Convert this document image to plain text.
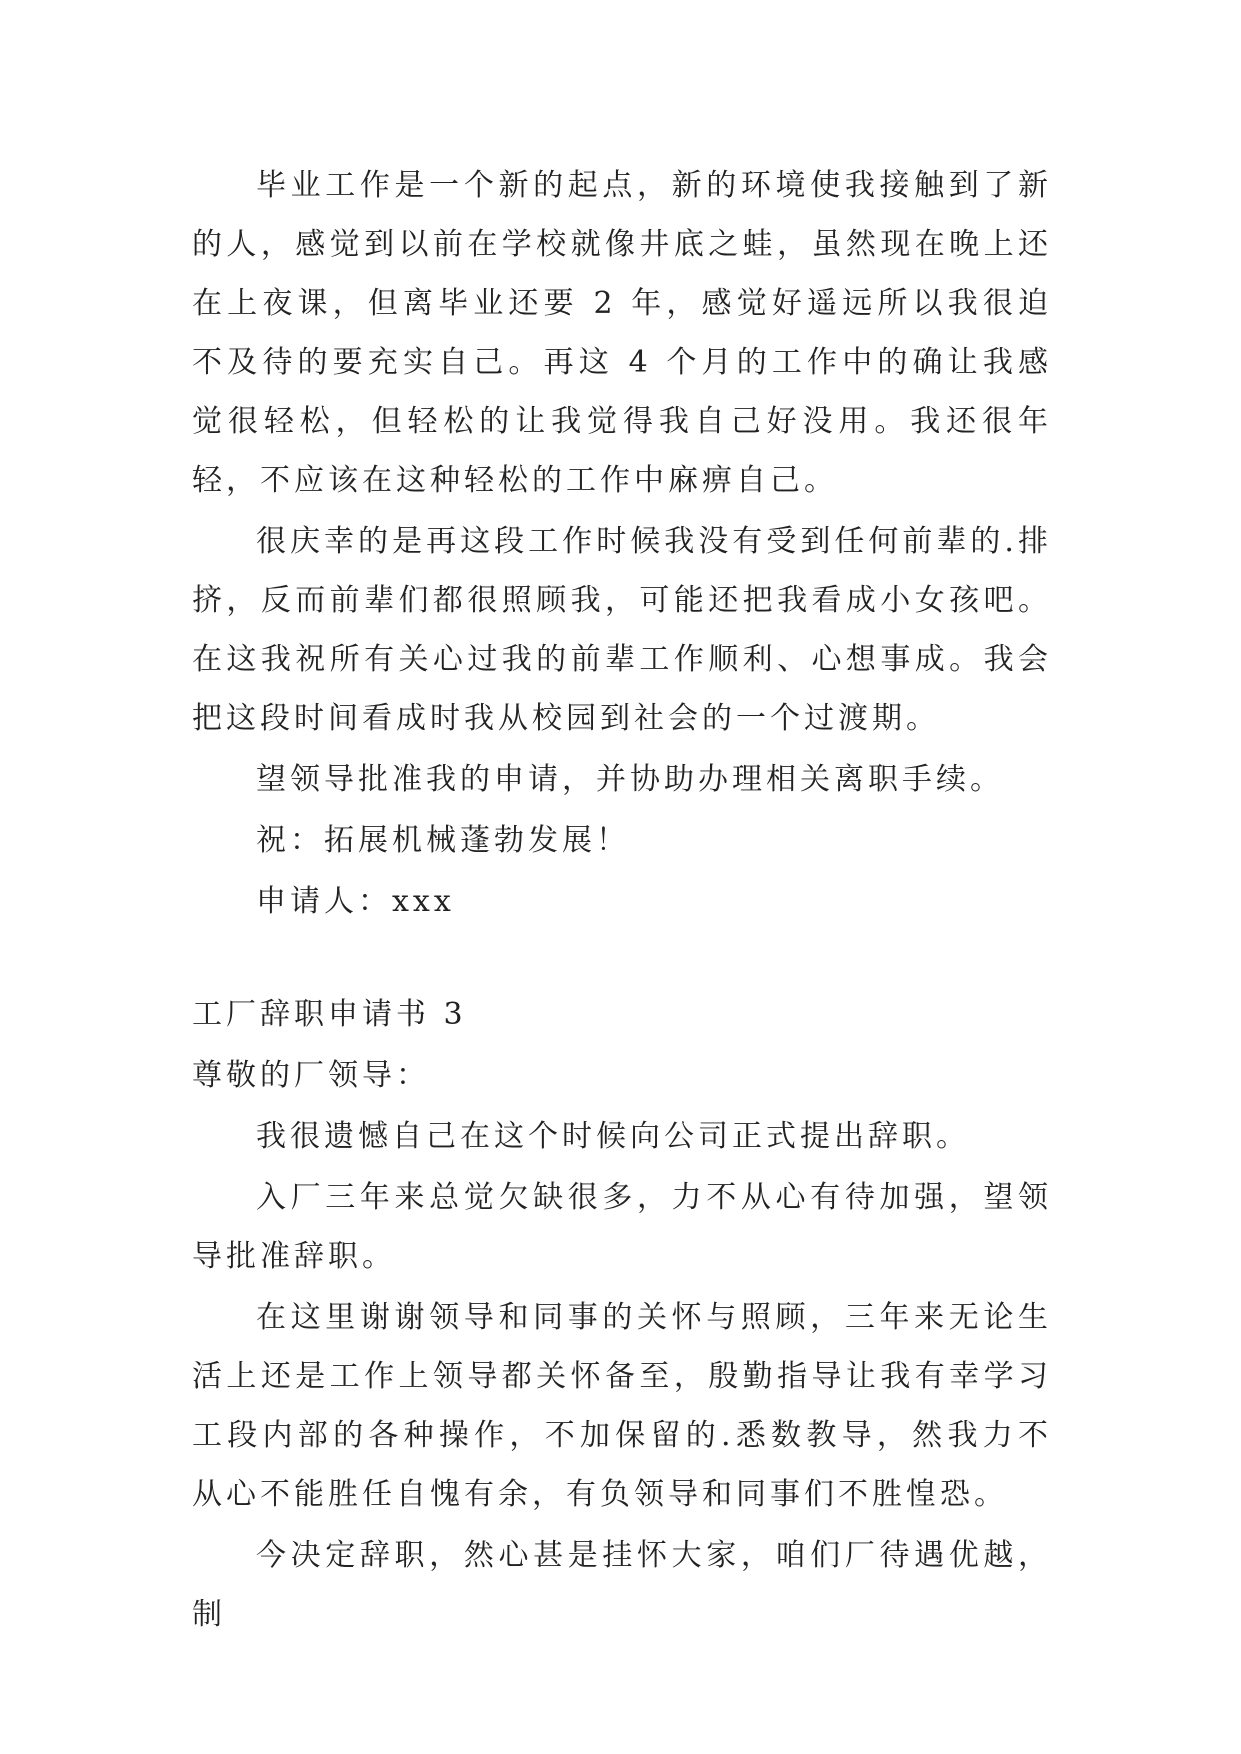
毕业工作是一个新的起点，新的环境使我接触到了新的人，感觉到以前在学校就像井底之蛙，虽然现在晚上还在上夜课，但离毕业还要 2 年，感觉好遥远所以我很迫不及待的要充实自己。再这 4 个月的工作中的确让我感觉很轻松，但轻松的让我觉得我自己好没用。我还很年轻，不应该在这种轻松的工作中麻痹自己。

很庆幸的是再这段工作时候我没有受到任何前辈的.排挤，反而前辈们都很照顾我，可能还把我看成小女孩吧。在这我祝所有关心过我的前辈工作顺利、心想事成。我会把这段时间看成时我从校园到社会的一个过渡期。

望领导批准我的申请，并协助办理相关离职手续。

祝：拓展机械蓬勃发展！

申请人：xxx

工厂辞职申请书 3

尊敬的厂领导：

我很遗憾自己在这个时候向公司正式提出辞职。

入厂三年来总觉欠缺很多，力不从心有待加强，望领导批准辞职。

在这里谢谢领导和同事的关怀与照顾，三年来无论生活上还是工作上领导都关怀备至，殷勤指导让我有幸学习工段内部的各种操作，不加保留的.悉数教导，然我力不从心不能胜任自愧有余，有负领导和同事们不胜惶恐。

今决定辞职，然心甚是挂怀大家，咱们厂待遇优越，制
